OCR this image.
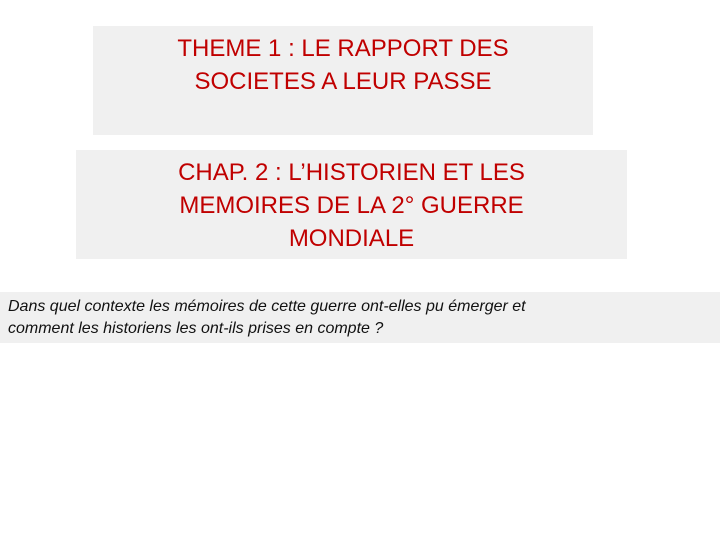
THEME 1 : LE RAPPORT DES
SOCIETES A LEUR PASSE
CHAP. 2 : L’HISTORIEN ET LES
MEMOIRES DE LA 2° GUERRE
MONDIALE

Dans quel contexte les mémoires de cette guerre ont-elles pu émerger et
comment les historiens les ont-ils prises en compte ?
